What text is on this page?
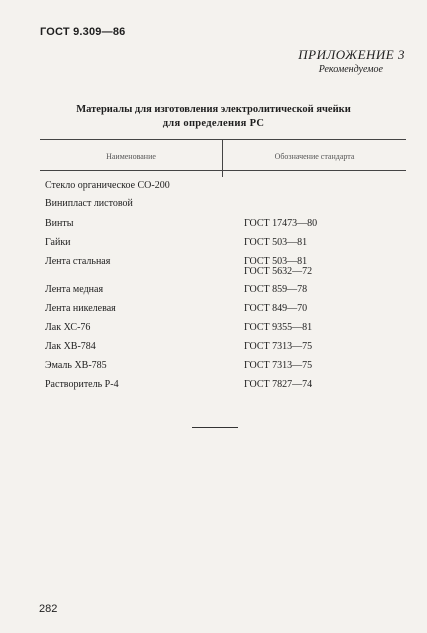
ГОСТ 9.309—86
ПРИЛОЖЕНИЕ 3
Рекомендуемое
Материалы для изготовления электролитической ячейки
для определения РС
Наименование	Обозначение стандарта
Стекло органическое СО-200
Винипласт листовой
Винты	ГОСТ 17473—80
Гайки	ГОСТ 503—81
Лента стальная	ГОСТ 503—81
ГОСТ 5632—72
Лента медная	ГОСТ 859—78
Лента никелевая	ГОСТ 849—70
Лак ХС-76	ГОСТ 9355—81
Лак ХВ-784	ГОСТ 7313—75
Эмаль ХВ-785	ГОСТ 7313—75
Растворитель Р-4	ГОСТ 7827—74
282
